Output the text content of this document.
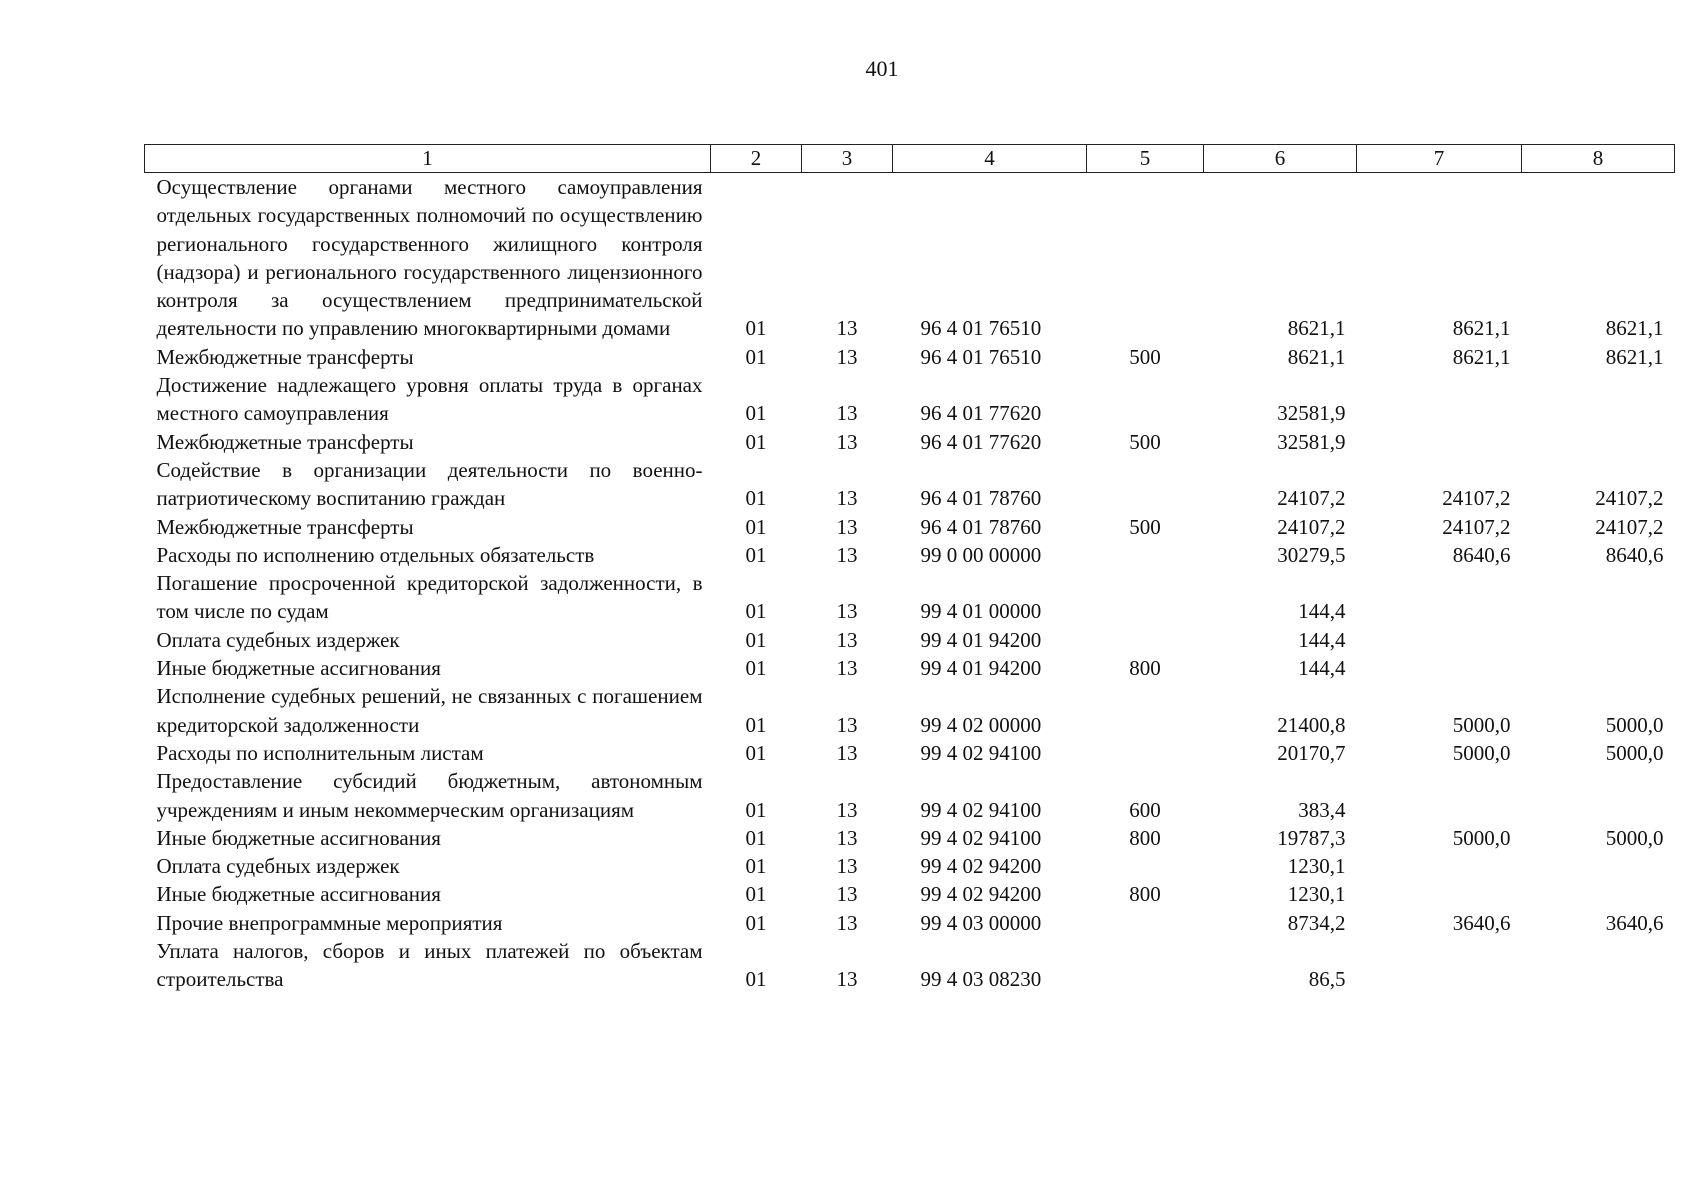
401
1	2	3	4	5	6	7	8
Осуществление органами местного самоуправления отдельных государственных полномочий по осуществлению регионального государственного жилищного контроля (надзора) и регионального государственного лицензионного контроля за осуществлением предпринимательской деятельности по управлению многоквартирными домами	01	13	96 4 01 76510		8621,1	8621,1	8621,1
Межбюджетные трансферты	01	13	96 4 01 76510	500	8621,1	8621,1	8621,1
Достижение надлежащего уровня оплаты труда в органах местного самоуправления	01	13	96 4 01 77620		32581,9		
Межбюджетные трансферты	01	13	96 4 01 77620	500	32581,9		
Содействие в организации деятельности по военно-патриотическому воспитанию граждан	01	13	96 4 01 78760		24107,2	24107,2	24107,2
Межбюджетные трансферты	01	13	96 4 01 78760	500	24107,2	24107,2	24107,2
Расходы по исполнению отдельных обязательств	01	13	99 0 00 00000		30279,5	8640,6	8640,6
Погашение просроченной кредиторской задолженности, в том числе по судам	01	13	99 4 01 00000		144,4		
Оплата судебных издержек	01	13	99 4 01 94200		144,4		
Иные бюджетные ассигнования	01	13	99 4 01 94200	800	144,4		
Исполнение судебных решений, не связанных с погашением кредиторской задолженности	01	13	99 4 02 00000		21400,8	5000,0	5000,0
Расходы по исполнительным листам	01	13	99 4 02 94100		20170,7	5000,0	5000,0
Предоставление субсидий бюджетным, автономным учреждениям и иным некоммерческим организациям	01	13	99 4 02 94100	600	383,4		
Иные бюджетные ассигнования	01	13	99 4 02 94100	800	19787,3	5000,0	5000,0
Оплата судебных издержек	01	13	99 4 02 94200		1230,1		
Иные бюджетные ассигнования	01	13	99 4 02 94200	800	1230,1		
Прочие внепрограммные мероприятия	01	13	99 4 03 00000		8734,2	3640,6	3640,6
Уплата налогов, сборов и иных платежей по объектам строительства	01	13	99 4 03 08230		86,5		
